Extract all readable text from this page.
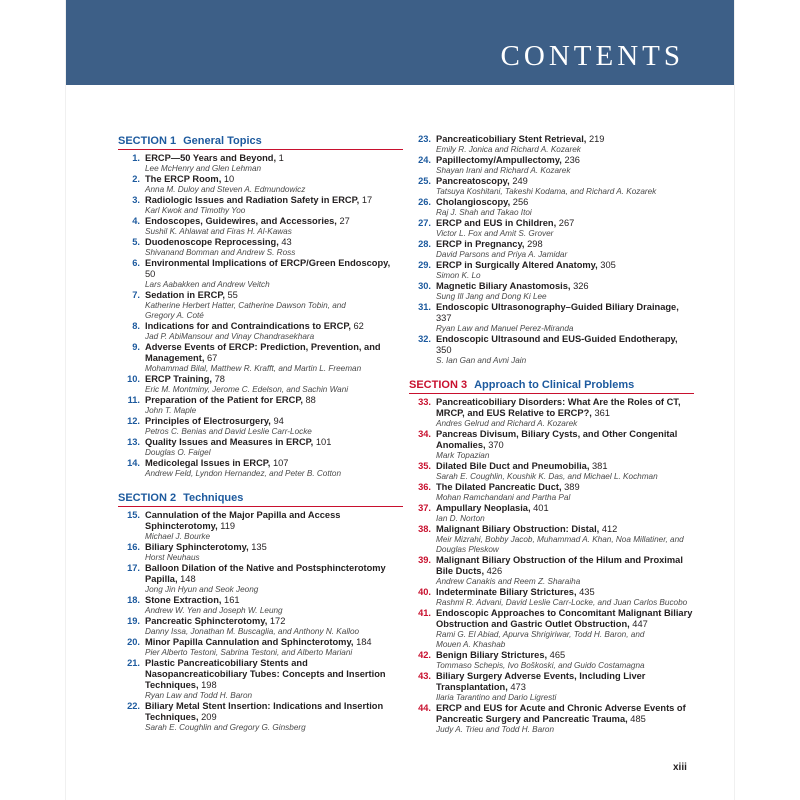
CONTENTS
SECTION 1 General Topics
1. ERCP—50 Years and Beyond, 1
Lee McHenry and Glen Lehman
2. The ERCP Room, 10
Anna M. Duloy and Steven A. Edmundowicz
3. Radiologic Issues and Radiation Safety in ERCP, 17
Karl Kwok and Timothy Yoo
4. Endoscopes, Guidewires, and Accessories, 27
Sushil K. Ahlawat and Firas H. Al-Kawas
5. Duodenoscope Reprocessing, 43
Shivanand Bomman and Andrew S. Ross
6. Environmental Implications of ERCP/Green Endoscopy, 50
Lars Aabakken and Andrew Veitch
7. Sedation in ERCP, 55
Katherine Herbert Hatter, Catherine Dawson Tobin, and
Gregory A. Coté
8. Indications for and Contraindications to ERCP, 62
Jad P. AbiMansour and Vinay Chandrasekhara
9. Adverse Events of ERCP: Prediction, Prevention, and Management, 67
Mohammad Bilal, Matthew R. Krafft, and Martin L. Freeman
10. ERCP Training, 78
Eric M. Montminy, Jerome C. Edelson, and Sachin Wani
11. Preparation of the Patient for ERCP, 88
John T. Maple
12. Principles of Electrosurgery, 94
Petros C. Benias and David Leslie Carr-Locke
13. Quality Issues and Measures in ERCP, 101
Douglas O. Faigel
14. Medicolegal Issues in ERCP, 107
Andrew Feld, Lyndon Hernandez, and Peter B. Cotton
SECTION 2 Techniques
15. Cannulation of the Major Papilla and Access Sphincterotomy, 119
Michael J. Bourke
16. Biliary Sphincterotomy, 135
Horst Neuhaus
17. Balloon Dilation of the Native and Postsphincterotomy Papilla, 148
Jong Jin Hyun and Seok Jeong
18. Stone Extraction, 161
Andrew W. Yen and Joseph W. Leung
19. Pancreatic Sphincterotomy, 172
Danny Issa, Jonathan M. Buscaglia, and Anthony N. Kalloo
20. Minor Papilla Cannulation and Sphincterotomy, 184
Pier Alberto Testoni, Sabrina Testoni, and Alberto Mariani
21. Plastic Pancreaticobiliary Stents and Nasopancreaticobiliary Tubes: Concepts and Insertion Techniques, 198
Ryan Law and Todd H. Baron
22. Biliary Metal Stent Insertion: Indications and Insertion Techniques, 209
Sarah E. Coughlin and Gregory G. Ginsberg
23. Pancreaticobiliary Stent Retrieval, 219
Emily R. Jonica and Richard A. Kozarek
24. Papillectomy/Ampullectomy, 236
Shayan Irani and Richard A. Kozarek
25. Pancreatoscopy, 249
Tatsuya Koshitani, Takeshi Kodama, and Richard A. Kozarek
26. Cholangioscopy, 256
Raj J. Shah and Takao Itoi
27. ERCP and EUS in Children, 267
Victor L. Fox and Amit S. Grover
28. ERCP in Pregnancy, 298
David Parsons and Priya A. Jamidar
29. ERCP in Surgically Altered Anatomy, 305
Simon K. Lo
30. Magnetic Biliary Anastomosis, 326
Sung Ill Jang and Dong Ki Lee
31. Endoscopic Ultrasonography–Guided Biliary Drainage, 337
Ryan Law and Manuel Perez-Miranda
32. Endoscopic Ultrasound and EUS-Guided Endotherapy, 350
S. Ian Gan and Avni Jain
SECTION 3 Approach to Clinical Problems
33. Pancreaticobiliary Disorders: What Are the Roles of CT, MRCP, and EUS Relative to ERCP?, 361
Andres Gelrud and Richard A. Kozarek
34. Pancreas Divisum, Biliary Cysts, and Other Congenital Anomalies, 370
Mark Topazian
35. Dilated Bile Duct and Pneumobilia, 381
Sarah E. Coughlin, Koushik K. Das, and Michael L. Kochman
36. The Dilated Pancreatic Duct, 389
Mohan Ramchandani and Partha Pal
37. Ampullary Neoplasia, 401
Ian D. Norton
38. Malignant Biliary Obstruction: Distal, 412
Meir Mizrahi, Bobby Jacob, Muhammad A. Khan, Noa Millatiner, and
Douglas Pleskow
39. Malignant Biliary Obstruction of the Hilum and Proximal Bile Ducts, 426
Andrew Canakis and Reem Z. Sharaiha
40. Indeterminate Biliary Strictures, 435
Rashmi R. Advani, David Leslie Carr-Locke, and Juan Carlos Bucobo
41. Endoscopic Approaches to Concomitant Malignant Biliary Obstruction and Gastric Outlet Obstruction, 447
Rami G. El Abiad, Apurva Shrigiriwar, Todd H. Baron, and
Mouen A. Khashab
42. Benign Biliary Strictures, 465
Tommaso Schepis, Ivo Boškoski, and Guido Costamagna
43. Biliary Surgery Adverse Events, Including Liver Transplantation, 473
Ilaria Tarantino and Dario Ligresti
44. ERCP and EUS for Acute and Chronic Adverse Events of Pancreatic Surgery and Pancreatic Trauma, 485
Judy A. Trieu and Todd H. Baron
xiii
